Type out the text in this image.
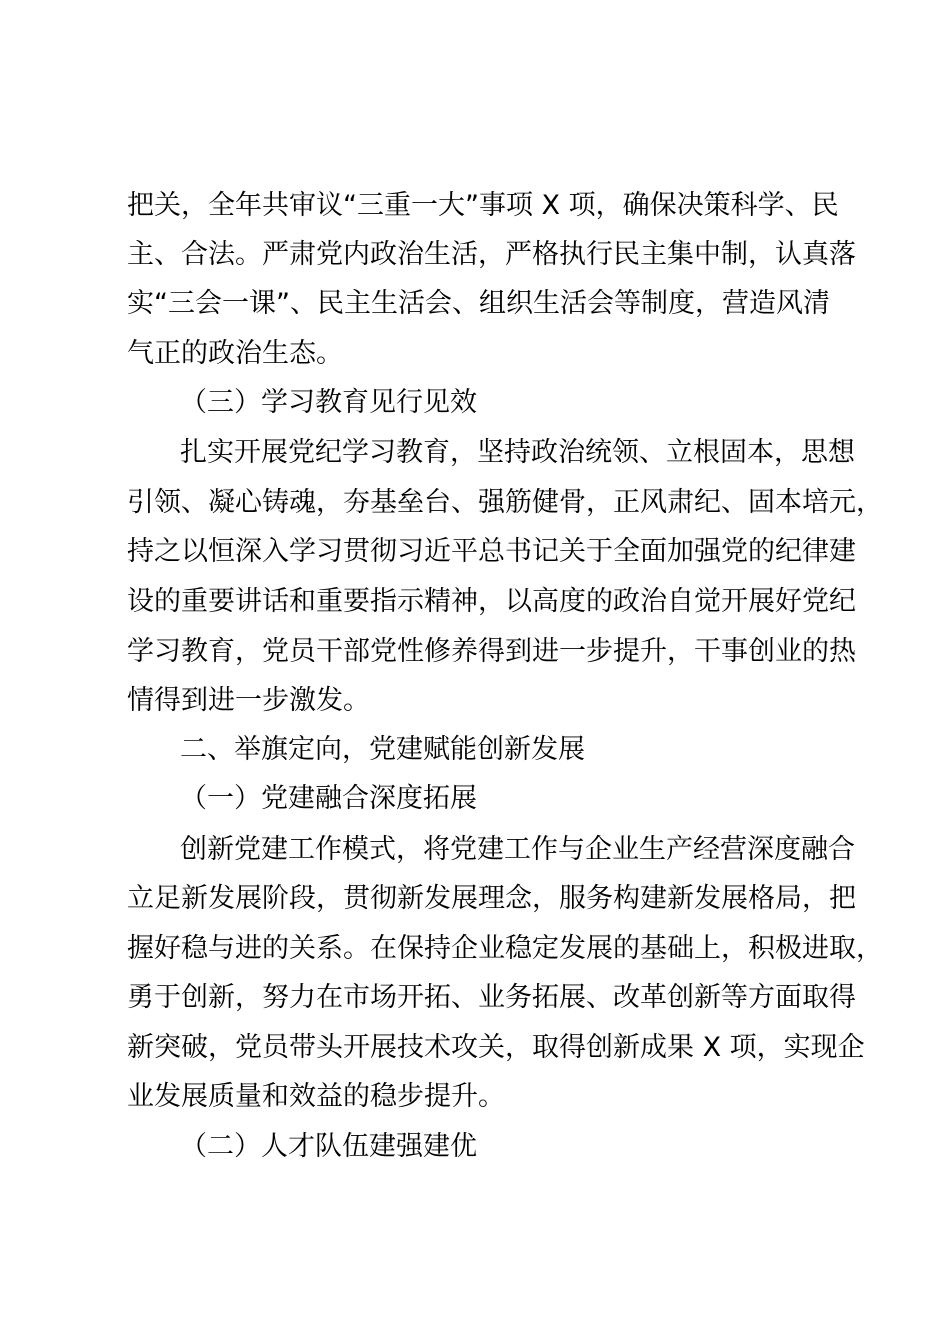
把关，全年共审议“三重一大”事项 X 项，确保决策科学、民
主、合法。严肃党内政治生活，严格执行民主集中制，认真落
实“三会一课”、民主生活会、组织生活会等制度，营造风清
气正的政治生态。
（三）学习教育见行见效
扎实开展党纪学习教育，坚持政治统领、立根固本，思想
引领、凝心铸魂，夯基垒台、强筋健骨，正风肃纪、固本培元，
持之以恒深入学习贯彻习近平总书记关于全面加强党的纪律建
设的重要讲话和重要指示精神，以高度的政治自觉开展好党纪
学习教育，党员干部党性修养得到进一步提升，干事创业的热
情得到进一步激发。
二、举旗定向，党建赋能创新发展
（一）党建融合深度拓展
创新党建工作模式，将党建工作与企业生产经营深度融合
立足新发展阶段，贯彻新发展理念，服务构建新发展格局，把
握好稳与进的关系。在保持企业稳定发展的基础上，积极进取，
勇于创新，努力在市场开拓、业务拓展、改革创新等方面取得
新突破，党员带头开展技术攻关，取得创新成果 X 项，实现企
业发展质量和效益的稳步提升。
（二）人才队伍建强建优
